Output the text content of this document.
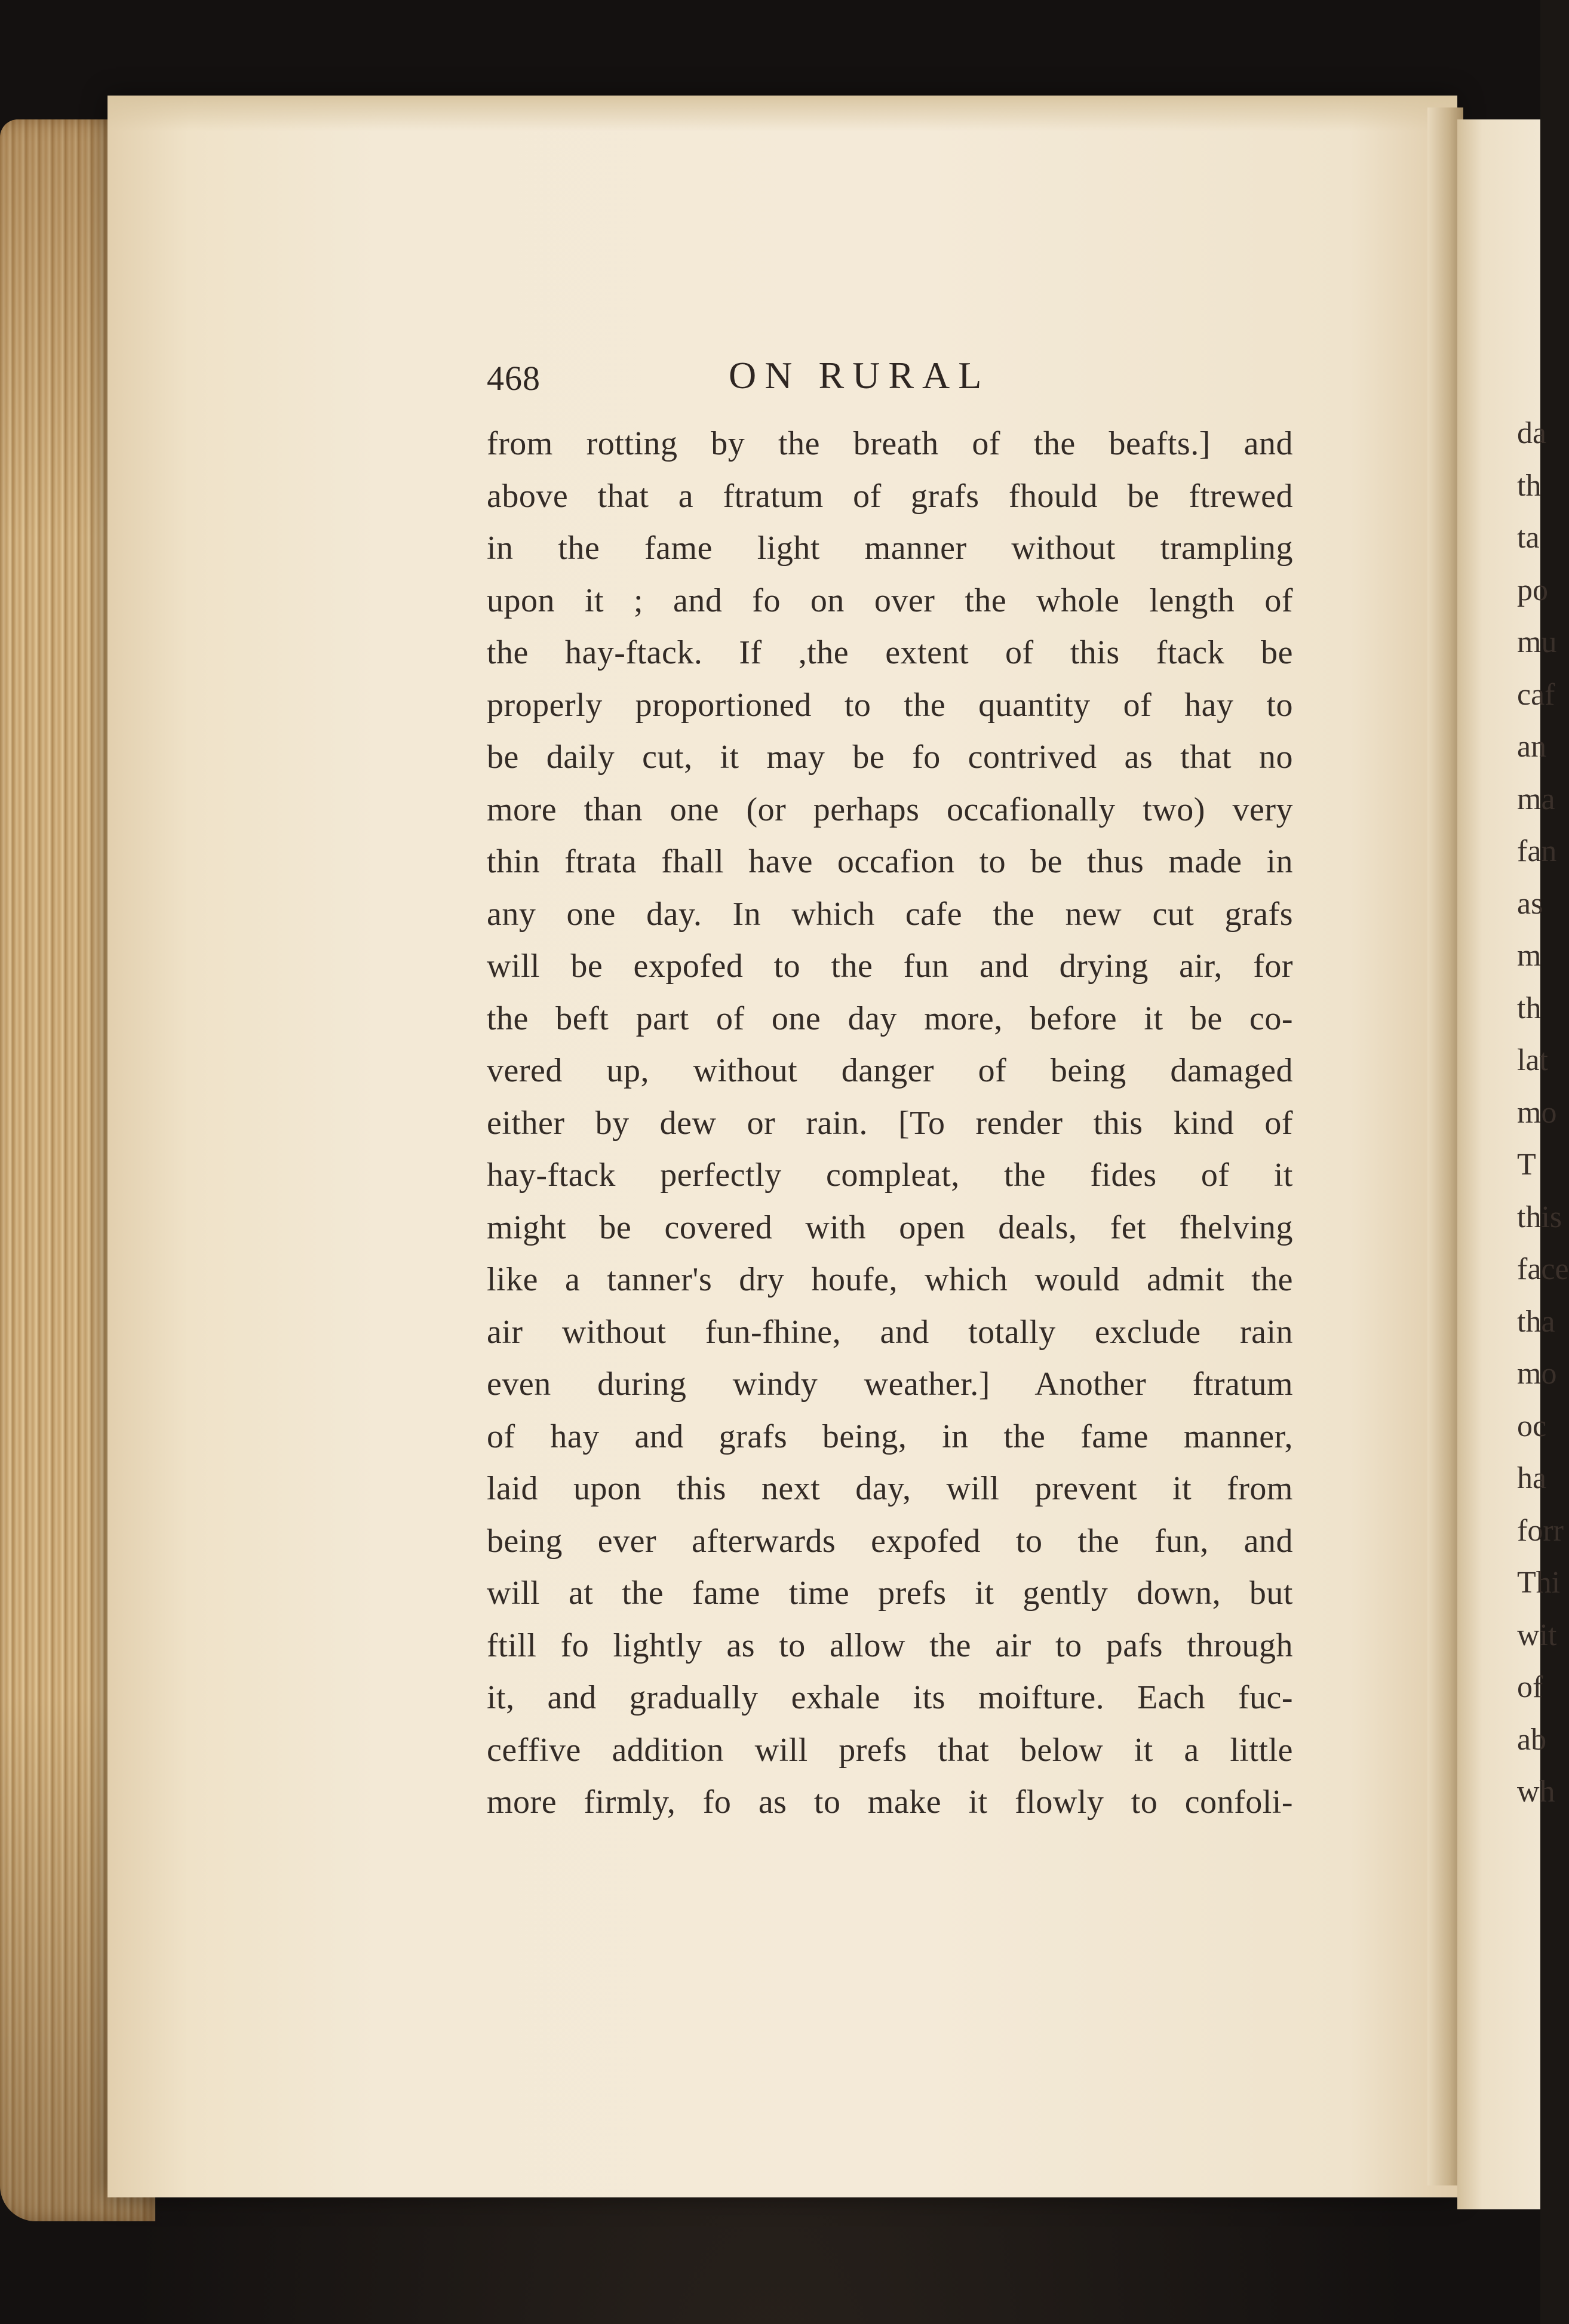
da
th
ta
po
mu
caf
an
ma
fan
as
m
th
lat
mo
T
this
face
tha
mo
oc
ha
forr
Thi
wit
of
ab
wh
468	ON RURAL
from rotting by the breath of the beafts.] and
above that a ftratum of grafs fhould be ftrewed
in the fame light manner without trampling
upon it ; and fo on over the whole length of
the hay-ftack. If ,the extent of this ftack be
properly proportioned to the quantity of hay to
be daily cut, it may be fo contrived as that no
more than one (or perhaps occafionally two) very
thin ftrata fhall have occafion to be thus made in
any one day. In which cafe the new cut grafs
will be expofed to the fun and drying air, for
the beft part of one day more, before it be co-
vered up, without danger of being damaged
either by dew or rain. [To render this kind of
hay-ftack perfectly compleat, the fides of it
might be covered with open deals, fet fhelving
like a tanner's dry houfe, which would admit the
air without fun-fhine, and totally exclude rain
even during windy weather.] Another ftratum
of hay and grafs being, in the fame manner,
laid upon this next day, will prevent it from
being ever afterwards expofed to the fun, and
will at the fame time prefs it gently down, but
ftill fo lightly as to allow the air to pafs through
it, and gradually exhale its moifture. Each fuc-
ceffive addition will prefs that below it a little
more firmly, fo as to make it flowly to confoli-
